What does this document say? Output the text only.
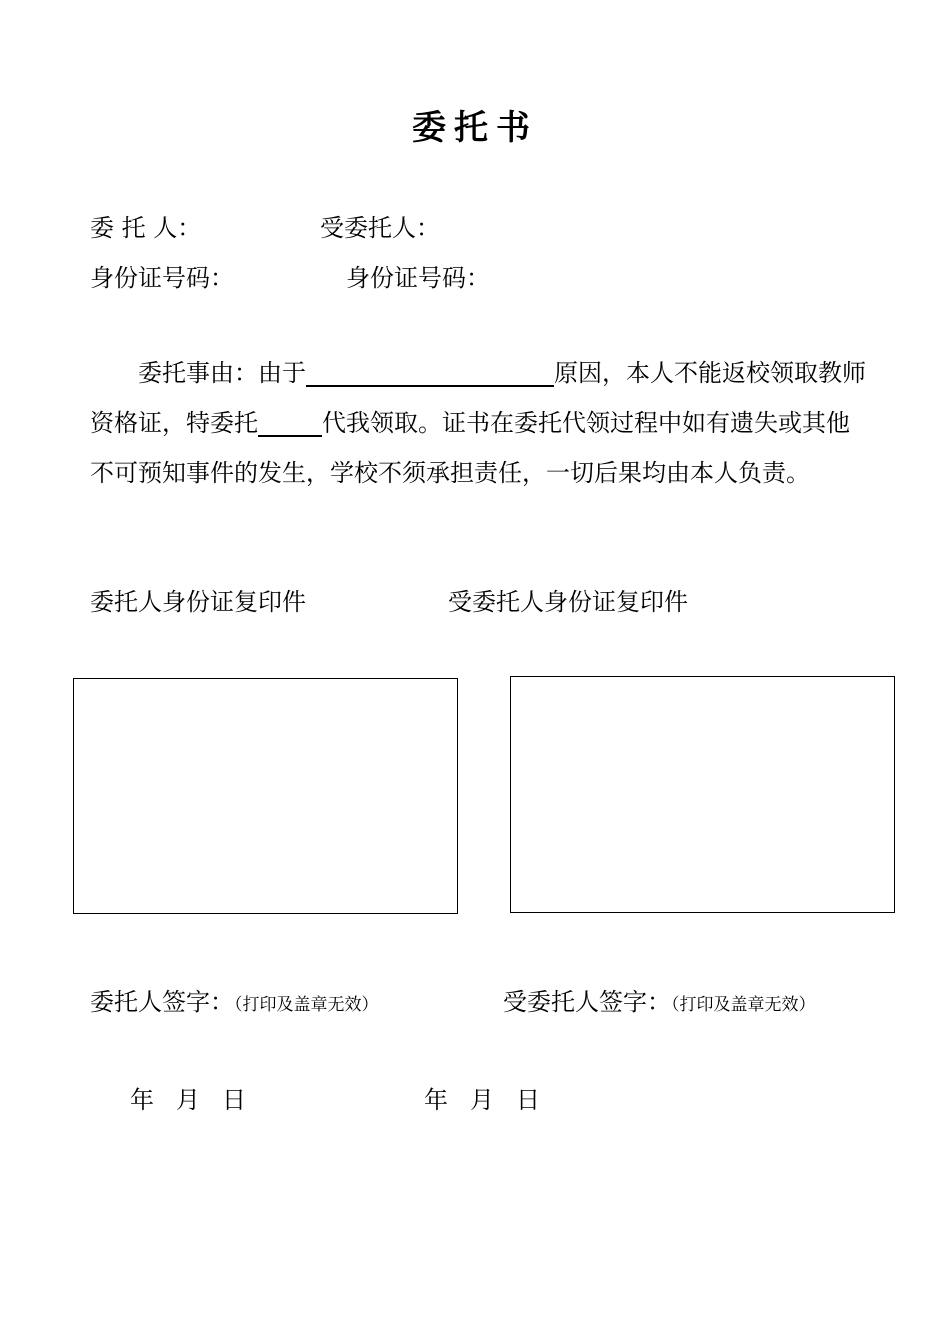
委托书
委 托 人：	受委托人：
身份证号码：	身份证号码：
委托事由：由于	原因，本人不能返校领取教师资格证，特委托	代我领取。证书在委托代领过程中如有遗失或其他不可预知事件的发生，学校不须承担责任，一切后果均由本人负责。
委托人身份证复印件	受委托人身份证复印件
委托人签字：（打印及盖章无效）	受委托人签字：（打印及盖章无效）
年 月 日	年 月 日
